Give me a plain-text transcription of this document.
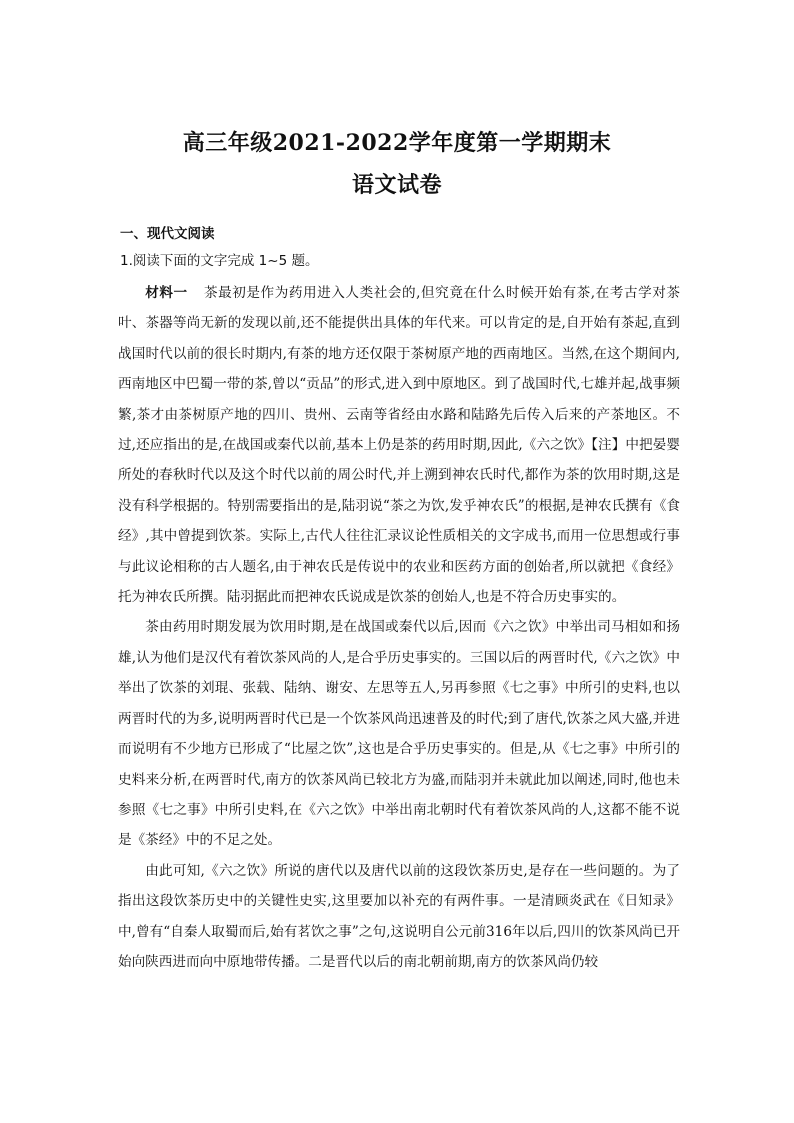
高三年级2021-2022学年度第一学期期末
语文试卷
一、现代文阅读
1.阅读下面的文字完成 1~5 题。

材料一 茶最初是作为药用进入人类社会的,但究竟在什么时候开始有茶,在考古学对茶叶、茶器等尚无新的发现以前,还不能提供出具体的年代来。可以肯定的是,自开始有茶起,直到战国时代以前的很长时期内,有茶的地方还仅限于茶树原产地的西南地区。当然,在这个期间内,西南地区中巴蜀一带的茶,曾以“贡品”的形式,进入到中原地区。到了战国时代,七雄并起,战事频繁,茶才由茶树原产地的四川、贵州、云南等省经由水路和陆路先后传入后来的产茶地区。不过,还应指出的是,在战国或秦代以前,基本上仍是茶的药用时期,因此,《六之饮》【注】中把晏婴所处的春秋时代以及这个时代以前的周公时代,并上溯到神农氏时代,都作为茶的饮用时期,这是没有科学根据的。特别需要指出的是,陆羽说“茶之为饮,发乎神农氏”的根据,是神农氏撰有《食经》,其中曾提到饮茶。实际上,古代人往往汇录议论性质相关的文字成书,而用一位思想或行事与此议论相称的古人题名,由于神农氏是传说中的农业和医药方面的创始者,所以就把《食经》托为神农氏所撰。陆羽据此而把神农氏说成是饮茶的创始人,也是不符合历史事实的。

茶由药用时期发展为饮用时期,是在战国或秦代以后,因而《六之饮》中举出司马相如和扬雄,认为他们是汉代有着饮茶风尚的人,是合乎历史事实的。三国以后的两晋时代,《六之饮》中举出了饮茶的刘琨、张载、陆纳、谢安、左思等五人,另再参照《七之事》中所引的史料,也以两晋时代的为多,说明两晋时代已是一个饮茶风尚迅速普及的时代;到了唐代,饮茶之风大盛,并进而说明有不少地方已形成了“比屋之饮”,这也是合乎历史事实的。但是,从《七之事》中所引的史料来分析,在两晋时代,南方的饮茶风尚已较北方为盛,而陆羽并未就此加以阐述,同时,他也未参照《七之事》中所引史料,在《六之饮》中举出南北朝时代有着饮茶风尚的人,这都不能不说是《茶经》中的不足之处。

由此可知,《六之饮》所说的唐代以及唐代以前的这段饮茶历史,是存在一些问题的。为了指出这段饮茶历史中的关键性史实,这里要加以补充的有两件事。一是清顾炎武在《日知录》中,曾有“自秦人取蜀而后,始有茗饮之事”之句,这说明自公元前316年以后,四川的饮茶风尚已开始向陕西进而向中原地带传播。二是晋代以后的南北朝前期,南方的饮茶风尚仍较
